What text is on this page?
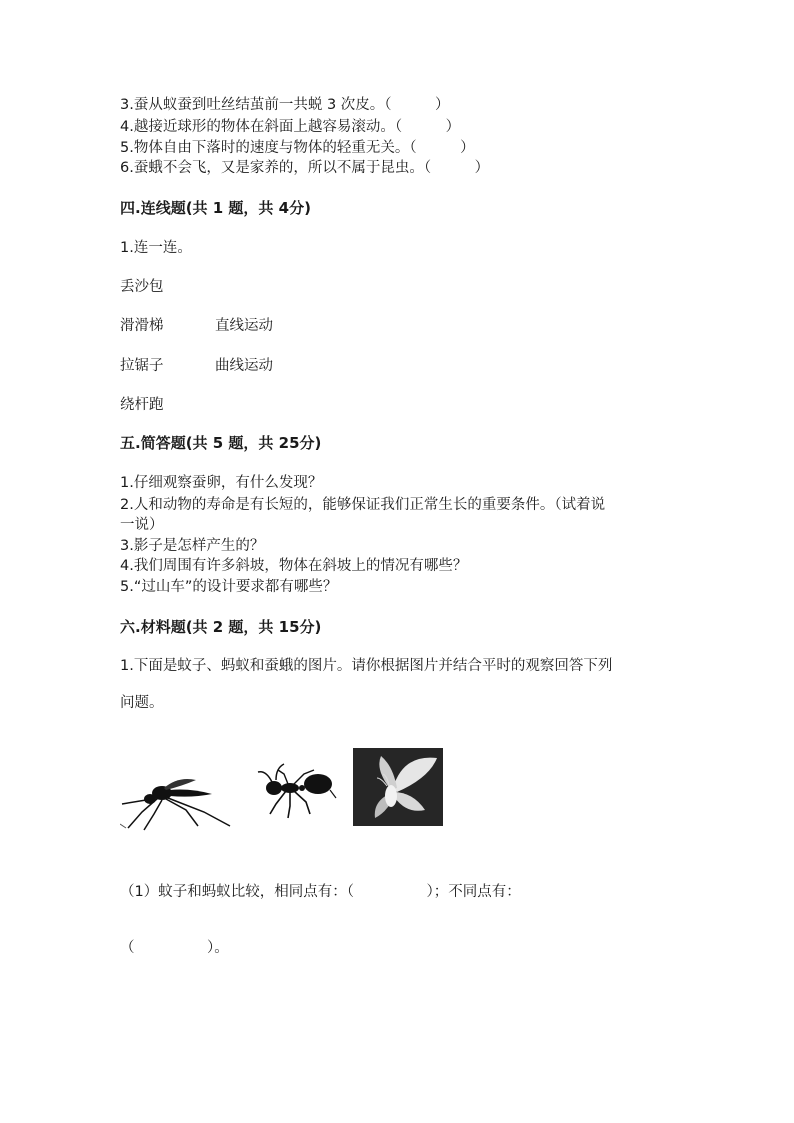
3.蚕从蚁蚕到吐丝结茧前一共蜕 3 次皮。（　　　）
4.越接近球形的物体在斜面上越容易滚动。（　　　）
5.物体自由下落时的速度与物体的轻重无关。（　　　）
6.蚕蛾不会飞，又是家养的，所以不属于昆虫。（　　　）
四.连线题(共 1 题，共 4分)
1.连一连。
丢沙包
滑滑梯	直线运动
拉锯子	曲线运动
绕杆跑
五.简答题(共 5 题，共 25分)
1.仔细观察蚕卵，有什么发现？
2.人和动物的寿命是有长短的，能够保证我们正常生长的重要条件。（试着说
一说）
3.影子是怎样产生的？
4.我们周围有许多斜坡，物体在斜坡上的情况有哪些？
5.“过山车”的设计要求都有哪些？
六.材料题(共 2 题，共 15分)
1.下面是蚊子、蚂蚁和蚕蛾的图片。请你根据图片并结合平时的观察回答下列
问题。
（1）蚊子和蚂蚁比较，相同点有：（　　　　　）；不同点有：
（　　　　　）。
